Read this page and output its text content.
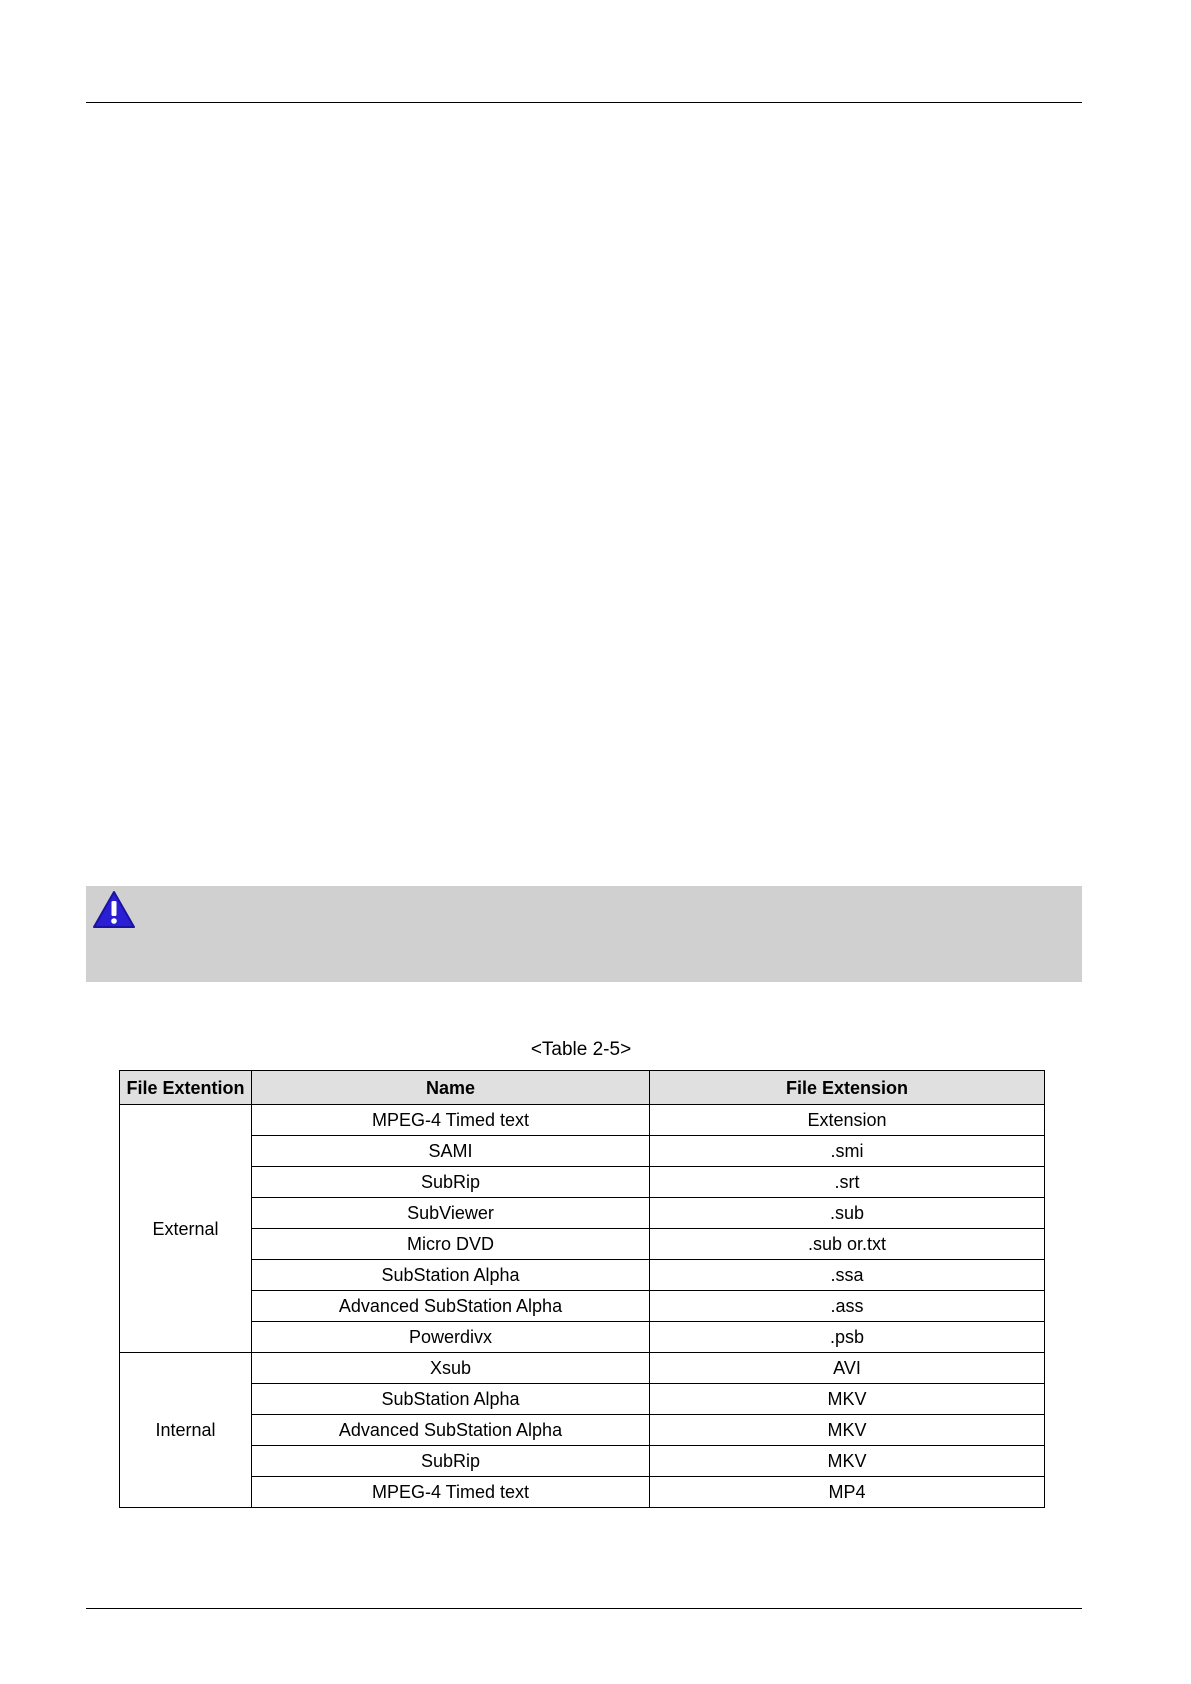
<Table 2-5>
File Extention	Name	File Extension
External	MPEG-4 Timed text	Extension
	SAMI	.smi
	SubRip	.srt
	SubViewer	.sub
	Micro DVD	.sub or.txt
	SubStation Alpha	.ssa
	Advanced SubStation Alpha	.ass
	Powerdivx	.psb
Internal	Xsub	AVI
	SubStation Alpha	MKV
	Advanced SubStation Alpha	MKV
	SubRip	MKV
	MPEG-4 Timed text	MP4
